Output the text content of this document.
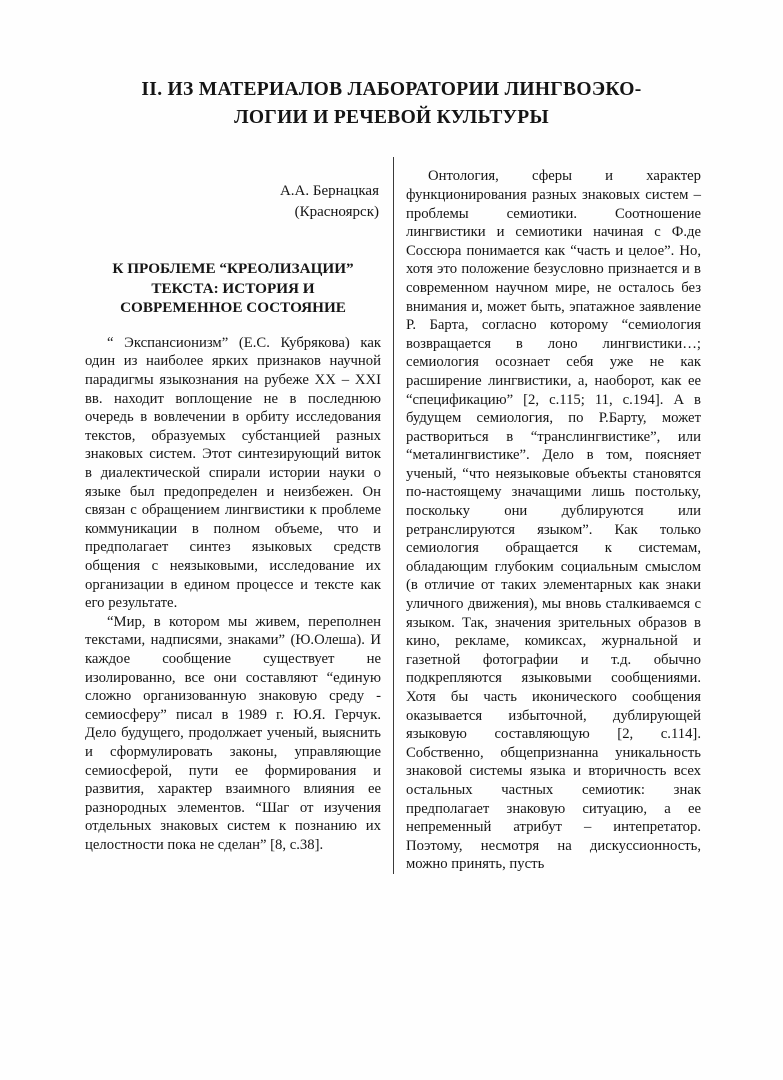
II. ИЗ МАТЕРИАЛОВ ЛАБОРАТОРИИ ЛИНГВОЭКО-
ЛОГИИ И РЕЧЕВОЙ КУЛЬТУРЫ
А.А. Бернацкая
(Красноярск)
К ПРОБЛЕМЕ “КРЕОЛИЗАЦИИ”
ТЕКСТА: ИСТОРИЯ И
СОВРЕМЕННОЕ СОСТОЯНИЕ

“ Экспансионизм” (Е.С. Кубрякова) как один из наиболее ярких признаков научной парадигмы языкознания на рубеже XX – XXI вв. находит воплощение не в последнюю очередь в вовлечении в орбиту исследования текстов, образуемых субстанцией разных знаковых систем. Этот синтезирующий виток в диалектической спирали истории науки о языке был предопределен и неизбежен. Он связан с обращением лингвистики к проблеме коммуникации в полном объеме, что и предполагает синтез языковых средств общения с неязыковыми, исследование их организации в едином процессе и тексте как его результате.

“Мир, в котором мы живем, переполнен текстами, надписями, знаками” (Ю.Олеша). И каждое сообщение существует не изолированно, все они составляют “единую сложно организованную знаковую среду - семиосферу” писал в 1989 г. Ю.Я. Герчук. Дело будущего, продолжает ученый, выяснить и сформулировать законы, управляющие семиосферой, пути ее формирования и развития, характер взаимного влияния ее разнородных элементов. “Шаг от изучения отдельных знаковых систем к познанию их целостности пока не сделан” [8, с.38].

Онтология, сферы и характер функционирования разных знаковых систем – проблемы семиотики. Соотношение лингвистики и семиотики начиная с Ф.де Соссюра понимается как “часть и целое”. Но, хотя это положение безусловно признается и в современном научном мире, не осталось без внимания и, может быть, эпатажное заявление Р. Барта, согласно которому “семиология возвращается в лоно лингвистики…; семиология осознает себя уже не как расширение лингвистики, а, наоборот, как ее “спецификацию” [2, с.115; 11, с.194]. А в будущем семиология, по Р.Барту, может раствориться в “транслингвистике”, или “металингвистике”. Дело в том, поясняет ученый, “что неязыковые объекты становятся по-настоящему значащими лишь постольку, поскольку они дублируются или ретранслируются языком”. Как только семиология обращается к системам, обладающим глубоким социальным смыслом (в отличие от таких элементарных как знаки уличного движения), мы вновь сталкиваемся с языком. Так, значения зрительных образов в кино, рекламе, комиксах, журнальной и газетной фотографии и т.д. обычно подкрепляются языковыми сообщениями. Хотя бы часть иконического сообщения оказывается избыточной, дублирующей языковую составляющую [2, с.114]. Собственно, общепризнанна уникальность знаковой системы языка и вторичность всех остальных частных семиотик: знак предполагает знаковую ситуацию, а ее непременный атрибут – интепретатор. Поэтому, несмотря на дискуссионность, можно принять, пусть
